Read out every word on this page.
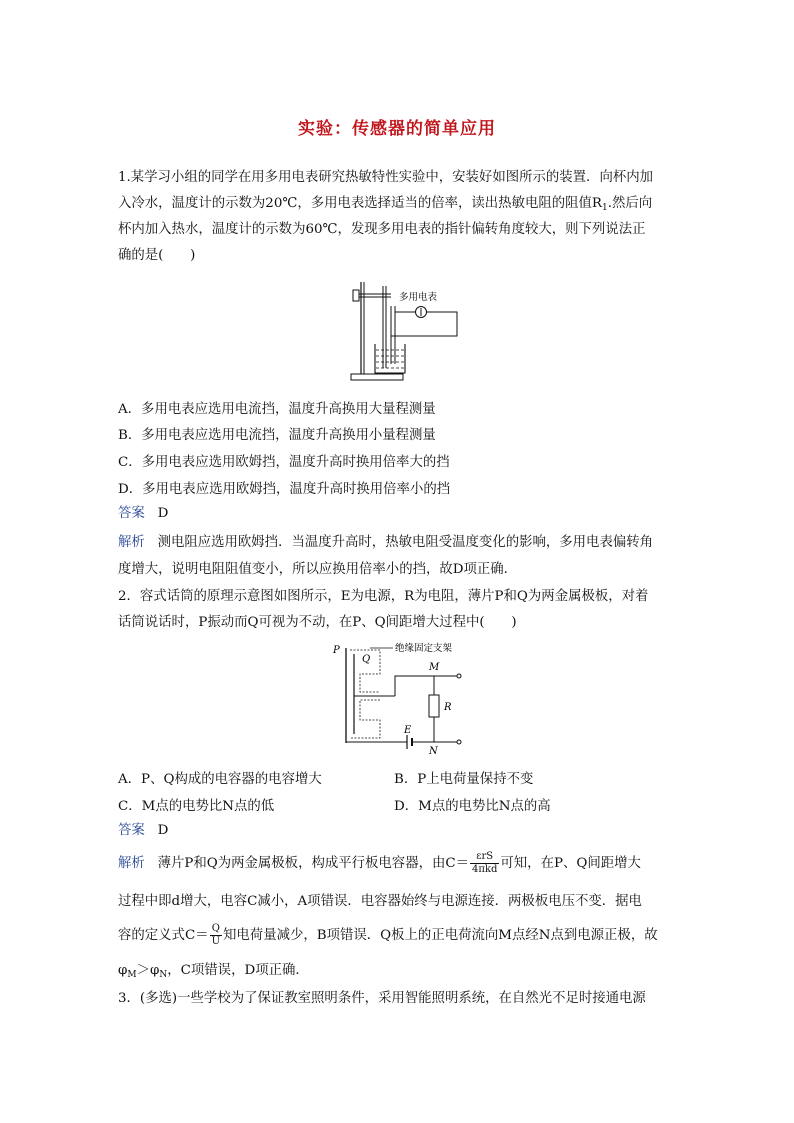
实验：传感器的简单应用
1.某学习小组的同学在用多用电表研究热敏特性实验中，安装好如图所示的装置．向杯内加
入冷水，温度计的示数为20℃，多用电表选择适当的倍率，读出热敏电阻的阻值$R_1$.然后向
杯内加入热水，温度计的示数为60℃，发现多用电表的指针偏转角度较大，则下列说法正
确的是(　　)
多用电表
A．多用电表应选用电流挡，温度升高换用大量程测量
B．多用电表应选用电流挡，温度升高换用小量程测量
C．多用电表应选用欧姆挡，温度升高时换用倍率大的挡
D．多用电表应选用欧姆挡，温度升高时换用倍率小的挡
答案 D
解析 测电阻应选用欧姆挡．当温度升高时，热敏电阻受温度变化的影响，多用电表偏转角
度增大，说明电阻阻值变小，所以应换用倍率小的挡，故D项正确．
2．容式话筒的原理示意图如图所示，E为电源，R为电阻，薄片P和Q为两金属极板，对着
话筒说话时，P振动而Q可视为不动，在P、Q间距增大过程中(　　)
P
Q
绝缘固定支架
M
R
E
N
A．P、Q构成的电容器的电容增大	B．P上电荷量保持不变
C．M点的电势比N点的低	D．M点的电势比N点的高
答案 D
解析 薄片P和Q为两金属极板，构成平行板电容器，由$C= \frac{\text{εrS}}{\text{4πkd}}$ 可知，在P、Q间距增大
过程中即d增大，电容C减小，A项错误．电容器始终与电源连接．两极板电压不变．据电
容的定义式$C= \frac{Q}{U}$ 知电荷量减少，B项错误．Q板上的正电荷流向M点经N点到电源正极，故
$\varphi_M>\varphi_N$，C项错误，D项正确．
3．(多选)一些学校为了保证教室照明条件，采用智能照明系统，在自然光不足时接通电源
